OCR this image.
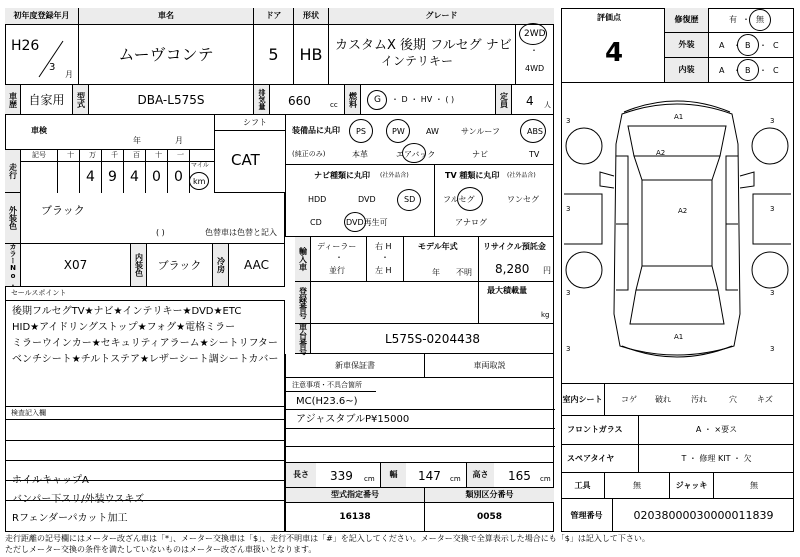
初年度登録年月	車名	ドア	形状	グレード
H26
3
月
ムーヴコンテ	5	HB カスタムX 後期 フルセグ ナビ
インテリキー
2WD
・
4WD
車歴 自家用	型式	DBA-L575S	排気量	660	cc	燃料	G ・ D ・ HV ・ ( )	定員 4 人
車検
年	月
シフト
CAT
走行
記号	十 万 千 百 十 一
4 9 4 0 0
マイル
km
装備品に丸印
(純正のみ)
PS	PW	AW	サンルーフ	ABS
本革	エアバック	ナビ	TV
ナビ種類に丸印 (社外品含)
HDD	DVD	SD
CD	DVD再生可
TV 種類に丸印 (社外品含)
フルセグ	ワンセグ
アナログ
外装色	ブラック
( )	色替車は色替と記入
輸入車
ディーラー
・
並行
右 H
・
左 H
モデル年式
年 不明
リサイクル預託金
8,280 円
カラーNo.	X07	内装色	ブラック	冷房	AAC
セールスポイント
後期フルセグTV★ナビ★インテリキー★DVD★ETC
HID★アイドリングストップ★フォグ★電格ミラー
ミラーウインカー★セキュリティアラーム★シートリフター
ベンチシート★チルトステア★レザーシート調シートカバー
登録番号	最大積載量
kg
車台番号	L575S-0204438
新車保証書	車両取説
注意事項・不具合箇所
MC(H23.6~)
アジャスタブルP¥15000
検査記入欄
ホイルキャップA
バンパー下スリ/外装ウスキズ
Rフェンダーパカット加工
長さ	339 cm	幅	147 cm	高さ	165 cm
型式指定番号	類別区分番号
16138	0058
評価点
4
修復歴	有 ・ 無
外装	A ・ B ・ C
内装	A ・ B ・ C
3	3
3	3
3	3
3	3
A1
A2
A2
A1
室内シート コゲ 破れ	汚れ	穴	キズ
フロントガラス	A ・ ×要ス
スペアタイヤ	T ・ 修理 KIT ・ 欠
工具	無	ジャッキ	無
管理番号	02038000030000011839
走行距離の記号欄にはメーター改ざん車は「*」、メーター交換車は「$」、走行不明車は「#」を記入してください。メーター交換で全算表示した場合にも「$」は記入して下さい。
ただしメーター交換の条件を満たしていないものはメーター改ざん車扱いとなります。
